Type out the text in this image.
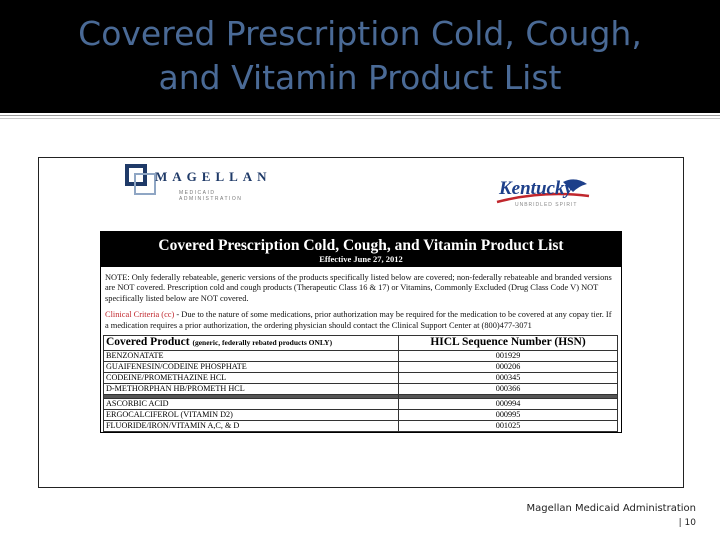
Covered Prescription Cold, Cough,
and Vitamin Product List
MAGELLAN
MEDICAID ADMINISTRATION	Kentucky
UNBRIDLED SPIRIT
Covered Prescription Cold, Cough, and Vitamin Product List
Effective June 27, 2012
NOTE: Only federally rebateable, generic versions of the products specifically listed below are covered; non-federally rebateable and branded versions are NOT covered. Prescription cold and cough products (Therapeutic Class 16 & 17) or Vitamins, Commonly Excluded (Drug Class Code V) NOT specifically listed below are NOT covered.
Clinical Criteria (cc) - Due to the nature of some medications, prior authorization may be required for the medication to be covered at any copay tier. If a medication requires a prior authorization, the ordering physician should contact the Clinical Support Center at (800)477-3071
Covered Product (generic, federally rebated products ONLY)	HICL Sequence Number (HSN)
BENZONATATE	001929
GUAIFENESIN/CODEINE PHOSPHATE	000206
CODEINE/PROMETHAZINE HCL	000345
D-METHORPHAN HB/PROMETH HCL	000366

ASCORBIC ACID	000994
ERGOCALCIFEROL (VITAMIN D2)	000995
FLUORIDE/IRON/VITAMIN A,C, & D	001025
Magellan Medicaid Administration
| 10
